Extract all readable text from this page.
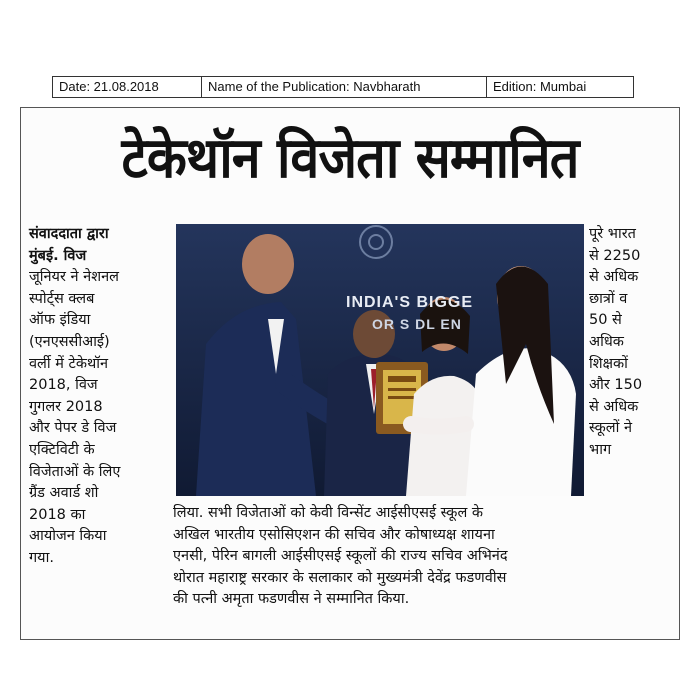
Date: 21.08.2018	Name of the Publication: Navbharath	Edition: Mumbai
टेकेथॉन विजेता सम्मानित
संवाददाता द्वारा
मुंबई. विज
जूनियर ने नेशनल
स्पोर्ट्स क्लब
ऑफ इंडिया
(एनएससीआई)
वर्ली में टेकेथॉन
2018, विज
गुगलर 2018
और पेपर डे विज
एक्टिविटी के
विजेताओं के लिए
ग्रैंड अवार्ड शो
2018 का
आयोजन किया
गया.
INDIA'S BIGGE
OR S DL EN
पूरे भारत
से 2250
से अधिक
छात्रों व
50 से
अधिक
शिक्षकों
और 150
से अधिक
स्कूलों ने
भाग
लिया. सभी विजेताओं को केवी विन्सेंट आईसीएसई स्कूल के
अखिल भारतीय एसोसिएशन की सचिव और कोषाध्यक्ष शायना
एनसी, पेरिन बागली आईसीएसई स्कूलों की राज्य सचिव अभिनंद
थोरात महाराष्ट्र सरकार के सलाकार को मुख्यमंत्री देवेंद्र फडणवीस
की पत्नी अमृता फडणवीस ने सम्मानित किया.
